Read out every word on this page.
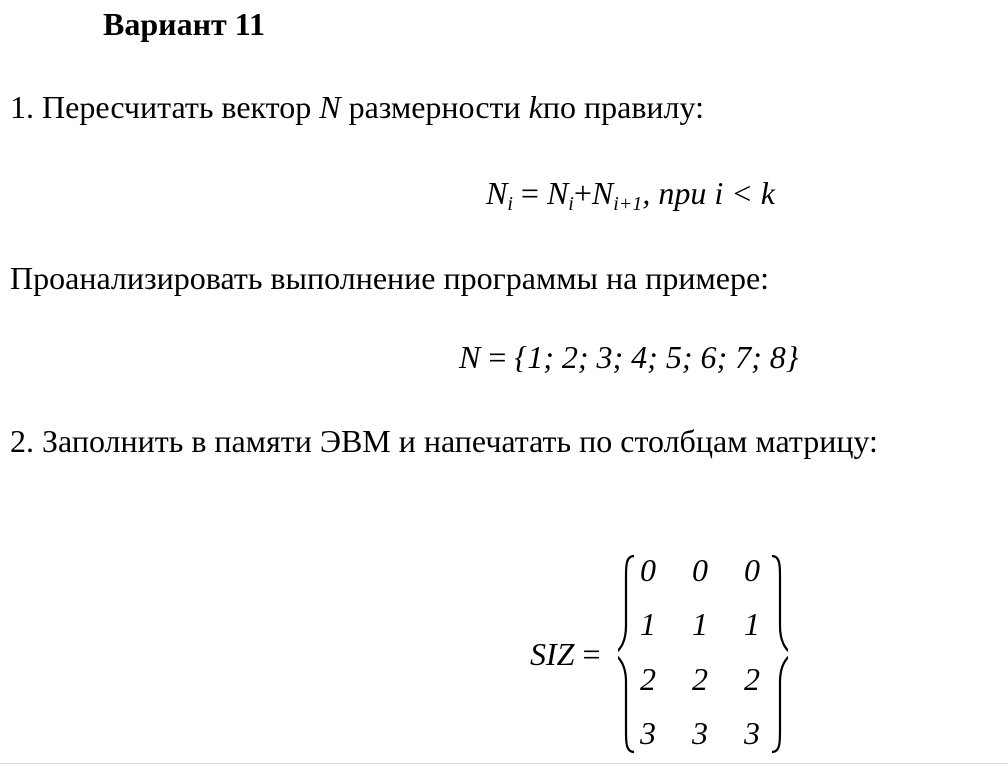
Вариант 11
1. Пересчитать вектор N размерности kпо правилу:
$N_i = N_i+N_{i+1}$, при i < k
Проанализировать выполнение программы на примере:
N = {1; 2; 3; 4; 5; 6; 7; 8}
2. Заполнить в памяти ЭВМ и напечатать по столбцам матрицу:
SIZ =
0	0	0
1	1	1
2	2	2
3	3	3
